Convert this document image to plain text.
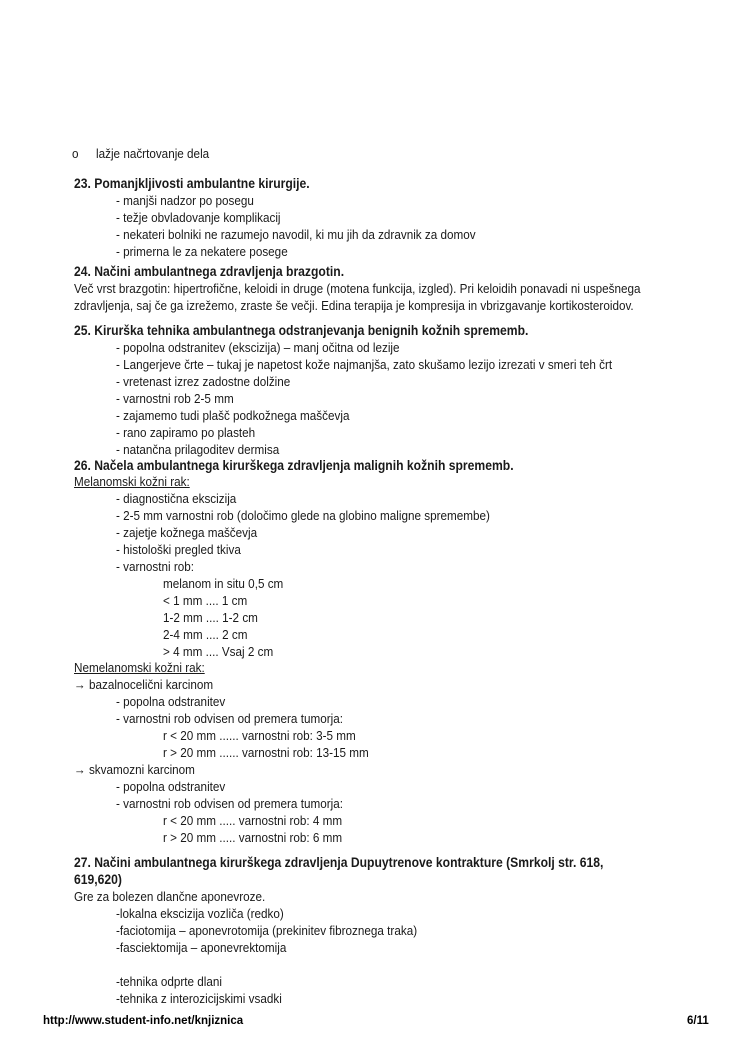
o lažje načrtovanje dela
23. Pomanjkljivosti ambulantne kirurgije.
- manjši nadzor po posegu
- težje obvladovanje komplikacij
- nekateri bolniki ne razumejo navodil, ki mu jih da zdravnik za domov
- primerna le za nekatere posege
24. Načini ambulantnega zdravljenja brazgotin.
Več vrst brazgotin: hipertrofične, keloidi in druge (motena funkcija, izgled). Pri keloidih ponavadi ni uspešnega
zdravljenja, saj če ga izrežemo, zraste še večji. Edina terapija je kompresija in vbrizgavanje kortikosteroidov.
25. Kirurška tehnika ambulantnega odstranjevanja benignih kožnih sprememb.
- popolna odstranitev (ekscizija) – manj očitna od lezije
- Langerjeve črte – tukaj je napetost kože najmanjša, zato skušamo lezijo izrezati v smeri teh črt
- vretenast izrez zadostne dolžine
- varnostni rob 2-5 mm
- zajamemo tudi plašč podkožnega maščevja
- rano zapiramo po plasteh
- natančna prilagoditev dermisa
26. Načela ambulantnega kirurškega zdravljenja malignih kožnih sprememb.
Melanomski kožni rak:
- diagnostična ekscizija
- 2-5 mm varnostni rob (določimo glede na globino maligne spremembe)
- zajetje kožnega maščevja
- histološki pregled tkiva
- varnostni rob:
melanom in situ 0,5 cm
< 1 mm .... 1 cm
1-2 mm .... 1-2 cm
2-4 mm .... 2 cm
> 4 mm .... Vsaj 2 cm
Nemelanomski kožni rak:
→ bazalnocelični karcinom
- popolna odstranitev
- varnostni rob odvisen od premera tumorja:
r < 20 mm ...... varnostni rob: 3-5 mm
r > 20 mm ...... varnostni rob: 13-15 mm
→ skvamozni karcinom
- popolna odstranitev
- varnostni rob odvisen od premera tumorja:
r < 20 mm ..... varnostni rob: 4 mm
r > 20 mm ..... varnostni rob: 6 mm
27. Načini ambulantnega kirurškega zdravljenja Dupuytrenove kontrakture (Smrkolj str. 618,
619,620)
Gre za bolezen dlančne aponevroze.
-lokalna ekscizija vozliča (redko)
-faciotomija – aponevrotomija (prekinitev fibroznega traka)
-fasciektomija – aponevrektomija
-tehnika odprte dlani
-tehnika z interozicijskimi vsadki
http://www.student-info.net/knjiznica	6/11
